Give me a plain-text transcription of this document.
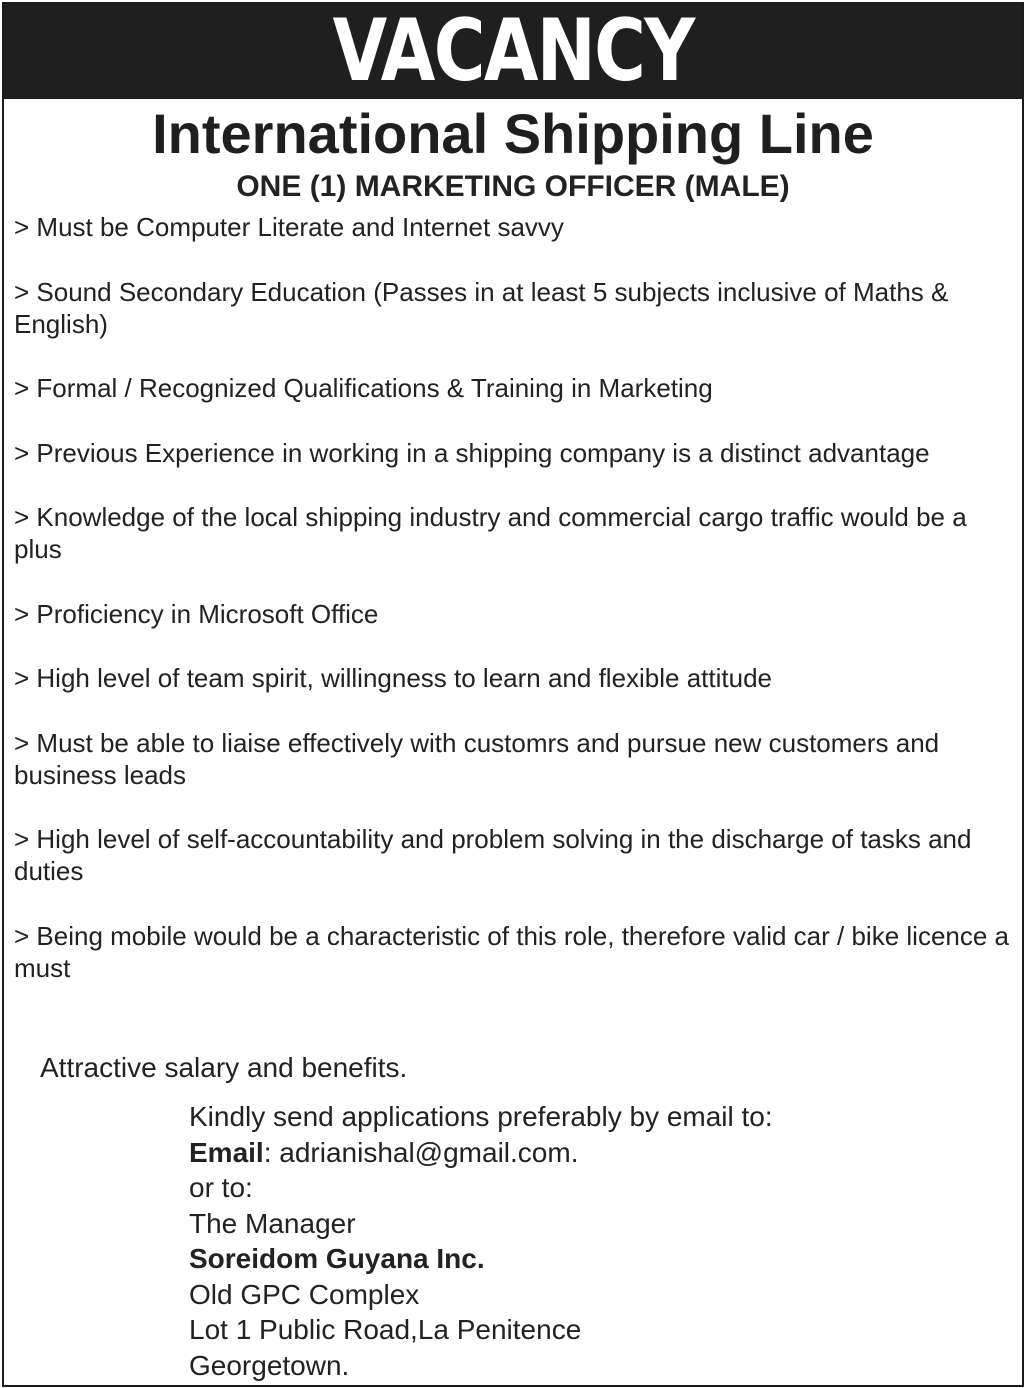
VACANCY
International Shipping Line
ONE (1) MARKETING OFFICER (MALE)
> Must be Computer Literate and Internet savvy
> Sound Secondary Education (Passes in at least 5 subjects inclusive of Maths & English)
> Formal / Recognized Qualifications & Training in Marketing
> Previous Experience in working in a shipping company is a distinct advantage
> Knowledge of the local shipping industry and commercial cargo traffic would be a plus
> Proficiency in Microsoft Office
> High level of team spirit, willingness to learn and flexible attitude
> Must be able to liaise effectively with customrs and pursue new customers and business leads
> High level of self-accountability and problem solving in the discharge of tasks and duties
> Being mobile would be a characteristic of this role, therefore valid car / bike licence a must
Attractive salary and benefits.
Kindly send applications preferably by email to:
Email: adrianishal@gmail.com.
or to:
The Manager
Soreidom Guyana Inc.
Old GPC Complex
Lot 1 Public Road,La Penitence
Georgetown.
